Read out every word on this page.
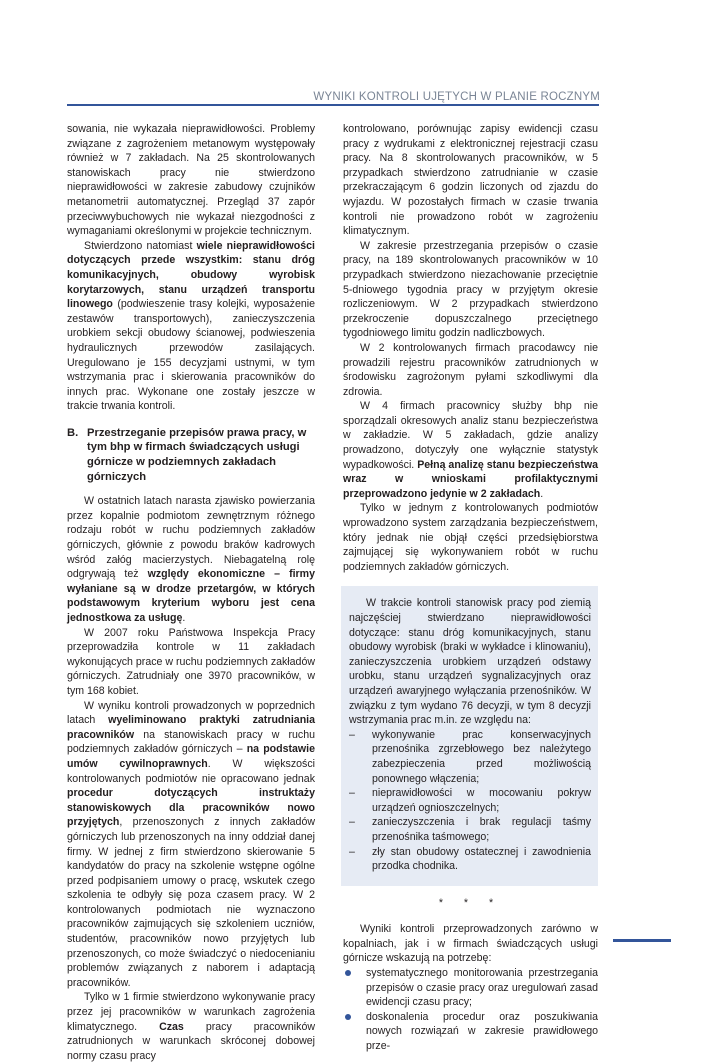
WYNIKI KONTROLI UJĘTYCH W PLANIE ROCZNYM

sowania, nie wykazała nieprawidłowości. Problemy związane z zagrożeniem metanowym występowały również w 7 zakładach. Na 25 skontrolowanych stanowiskach pracy nie stwierdzono nieprawidłowości w zakresie zabudowy czujników metanometrii automatycznej. Przegląd 37 zapór przeciwwybuchowych nie wykazał niezgodności z wymaganiami określonymi w projekcie technicznym.

Stwierdzono natomiast wiele nieprawidłowości dotyczących przede wszystkim: stanu dróg komunikacyjnych, obudowy wyrobisk korytarzowych, stanu urządzeń transportu linowego (podwieszenie trasy kolejki, wyposażenie zestawów transportowych), zanieczyszczenia urobkiem sekcji obudowy ścianowej, podwieszenia hydraulicznych przewodów zasilających. Uregulowano je 155 decyzjami ustnymi, w tym wstrzymania prac i skierowania pracowników do innych prac. Wykonane one zostały jeszcze w trakcie trwania kontroli.

B. Przestrzeganie przepisów prawa pracy, w tym bhp w firmach świadczących usługi górnicze w podziemnych zakładach górniczych

W ostatnich latach narasta zjawisko powierzania przez kopalnie podmiotom zewnętrznym różnego rodzaju robót w ruchu podziemnych zakładów górniczych, głównie z powodu braków kadrowych wśród załóg macierzystych. Niebagatelną rolę odgrywają też względy ekonomiczne – firmy wyłaniane są w drodze przetargów, w których podstawowym kryterium wyboru jest cena jednostkowa za usługę.

W 2007 roku Państwowa Inspekcja Pracy przeprowadziła kontrole w 11 zakładach wykonujących prace w ruchu podziemnych zakładów górniczych. Zatrudniały one 3970 pracowników, w tym 168 kobiet.

W wyniku kontroli prowadzonych w poprzednich latach wyeliminowano praktyki zatrudniania pracowników na stanowiskach pracy w ruchu podziemnych zakładów górniczych – na podstawie umów cywilnoprawnych. W większości kontrolowanych podmiotów nie opracowano jednak procedur dotyczących instruktaży stanowiskowych dla pracowników nowo przyjętych, przenoszonych z innych zakładów górniczych lub przenoszonych na inny oddział danej firmy. W jednej z firm stwierdzono skierowanie 5 kandydatów do pracy na szkolenie wstępne ogólne przed podpisaniem umowy o pracę, wskutek czego szkolenia te odbyły się poza czasem pracy. W 2 kontrolowanych podmiotach nie wyznaczono pracowników zajmujących się szkoleniem uczniów, studentów, pracowników nowo przyjętych lub przenoszonych, co może świadczyć o niedocenianiu problemów związanych z naborem i adaptacją pracowników.

Tylko w 1 firmie stwierdzono wykonywanie pracy przez jej pracowników w warunkach zagrożenia klimatycznego. Czas pracy pracowników zatrudnionych w warunkach skróconej dobowej normy czasu pracy

kontrolowano, porównując zapisy ewidencji czasu pracy z wydrukami z elektronicznej rejestracji czasu pracy. Na 8 skontrolowanych pracowników, w 5 przypadkach stwierdzono zatrudnianie w czasie przekraczającym 6 godzin liczonych od zjazdu do wyjazdu. W pozostałych firmach w czasie trwania kontroli nie prowadzono robót w zagrożeniu klimatycznym.

W zakresie przestrzegania przepisów o czasie pracy, na 189 skontrolowanych pracowników w 10 przypadkach stwierdzono niezachowanie przeciętnie 5-dniowego tygodnia pracy w przyjętym okresie rozliczeniowym. W 2 przypadkach stwierdzono przekroczenie dopuszczalnego przeciętnego tygodniowego limitu godzin nadliczbowych.

W 2 kontrolowanych firmach pracodawcy nie prowadzili rejestru pracowników zatrudnionych w środowisku zagrożonym pyłami szkodliwymi dla zdrowia.

W 4 firmach pracownicy służby bhp nie sporządzali okresowych analiz stanu bezpieczeństwa w zakładzie. W 5 zakładach, gdzie analizy prowadzono, dotyczyły one wyłącznie statystyk wypadkowości. Pełną analizę stanu bezpieczeństwa wraz w wnioskami profilaktycznymi przeprowadzono jedynie w 2 zakładach.

Tylko w jednym z kontrolowanych podmiotów wprowadzono system zarządzania bezpieczeństwem, który jednak nie objął części przedsiębiorstwa zajmującej się wykonywaniem robót w ruchu podziemnych zakładów górniczych.

W trakcie kontroli stanowisk pracy pod ziemią najczęściej stwierdzano nieprawidłowości dotyczące: stanu dróg komunikacyjnych, stanu obudowy wyrobisk (braki w wykładce i klinowaniu), zanieczyszczenia urobkiem urządzeń odstawy urobku, stanu urządzeń sygnalizacyjnych oraz urządzeń awaryjnego wyłączania przenośników. W związku z tym wydano 76 decyzji, w tym 8 decyzji wstrzymania prac m.in. ze względu na:

– wykonywanie prac konserwacyjnych przenośnika zgrzebłowego bez należytego zabezpieczenia przed możliwością ponownego włączenia;
– nieprawidłowości w mocowaniu pokryw urządzeń ognioszczelnych;
– zanieczyszczenia i brak regulacji taśmy przenośnika taśmowego;
– zły stan obudowy ostatecznej i zawodnienia przodka chodnika.
* * *

Wyniki kontroli przeprowadzonych zarówno w kopalniach, jak i w firmach świadczących usługi górnicze wskazują na potrzebę:

systematycznego monitorowania przestrzegania przepisów o czasie pracy oraz uregulowań zasad ewidencji czasu pracy;
doskonalenia procedur oraz poszukiwania nowych rozwiązań w zakresie prawidłowego prze-
